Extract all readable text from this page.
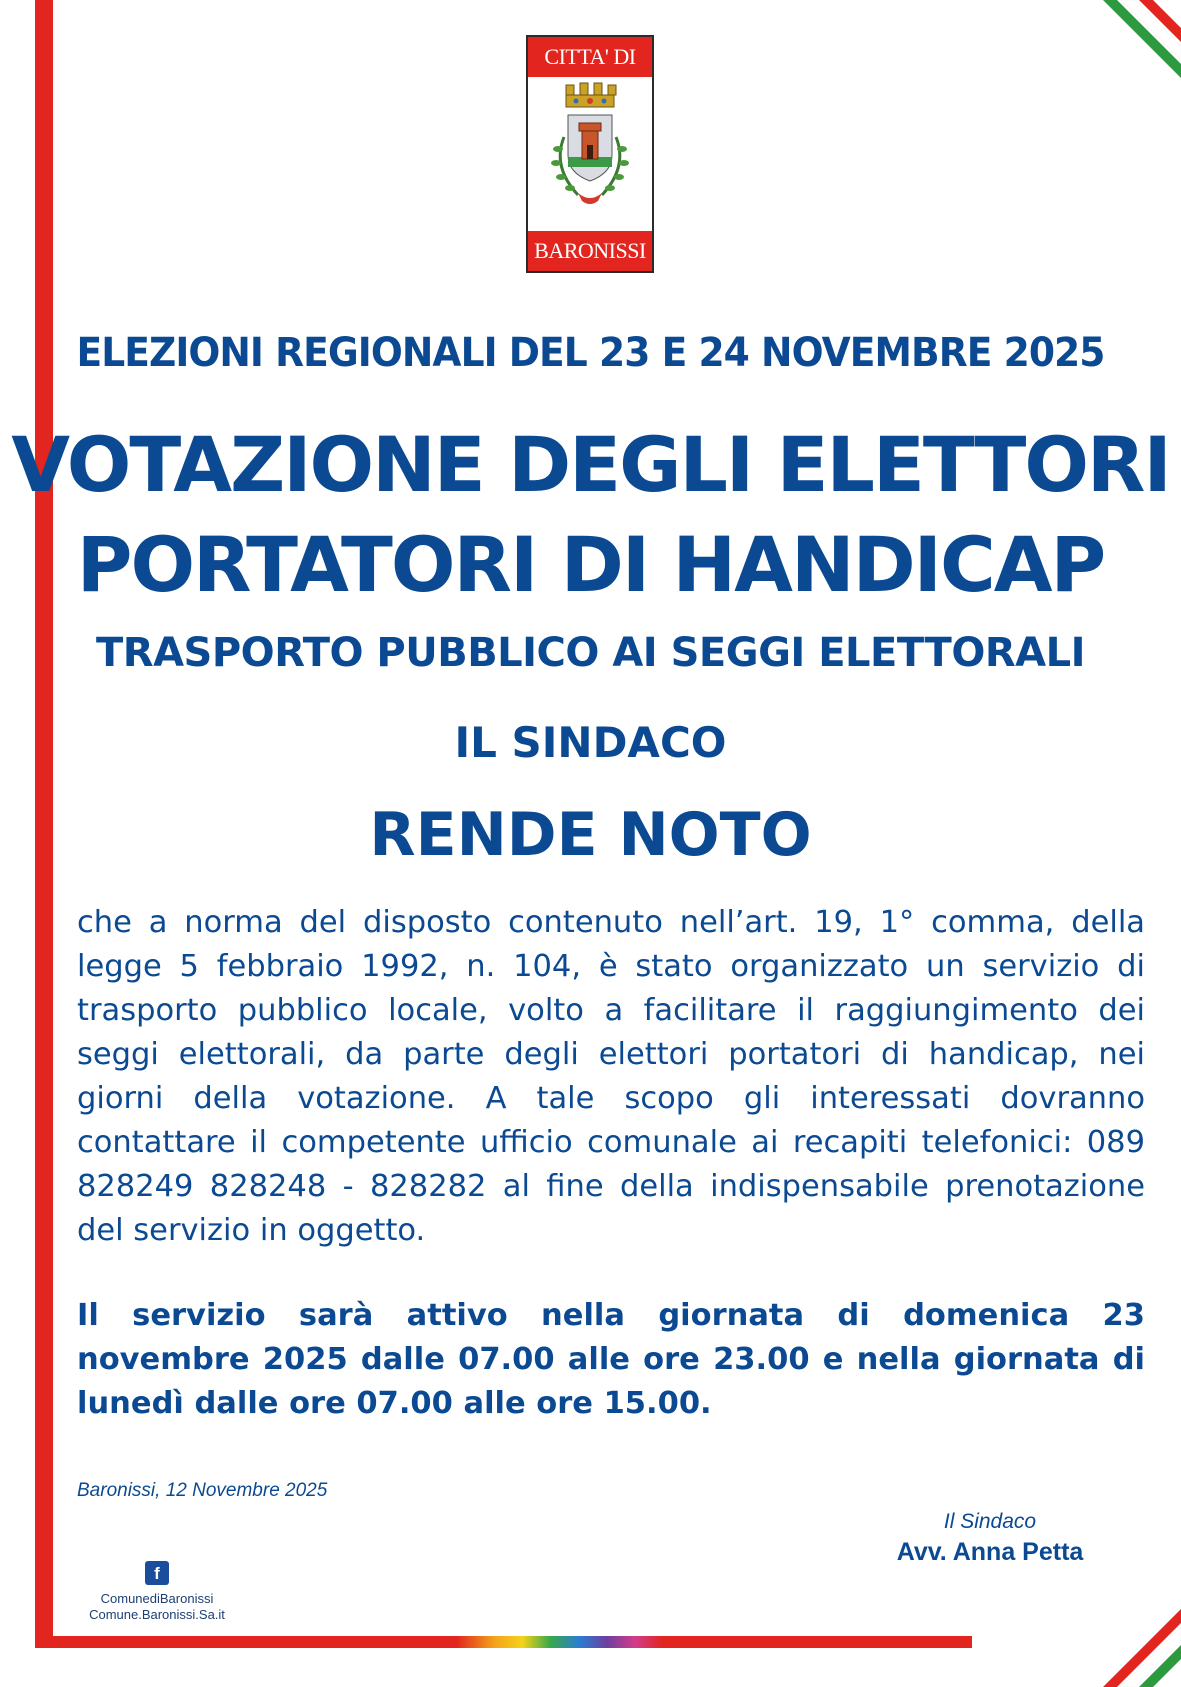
CITTA' DI
BARONISSI
ELEZIONI REGIONALI DEL 23 E 24 NOVEMBRE 2025
VOTAZIONE DEGLI ELETTORI
PORTATORI DI HANDICAP
TRASPORTO PUBBLICO AI SEGGI ELETTORALI
IL SINDACO
RENDE NOTO

che a norma del disposto contenuto nell’art. 19, 1° comma, della legge 5 febbraio 1992, n. 104, è stato organizzato un servizio di trasporto pubblico locale, volto a facilitare il raggiungimento dei seggi elettorali, da parte degli elettori portatori di handicap, nei giorni della votazione. A tale scopo gli interessati dovranno contattare il competente ufficio comunale ai recapiti telefonici: 089 828249 828248 - 828282 al fine della indispensabile prenotazione del servizio in oggetto.

Il servizio sarà attivo nella giornata di domenica 23 novembre 2025 dalle 07.00 alle ore 23.00 e nella giornata di lunedì dalle ore 07.00 alle ore 15.00.

Baronissi, 12 Novembre 2025
Il Sindaco
Avv. Anna Petta
f
ComunediBaronissi
Comune.Baronissi.Sa.it
